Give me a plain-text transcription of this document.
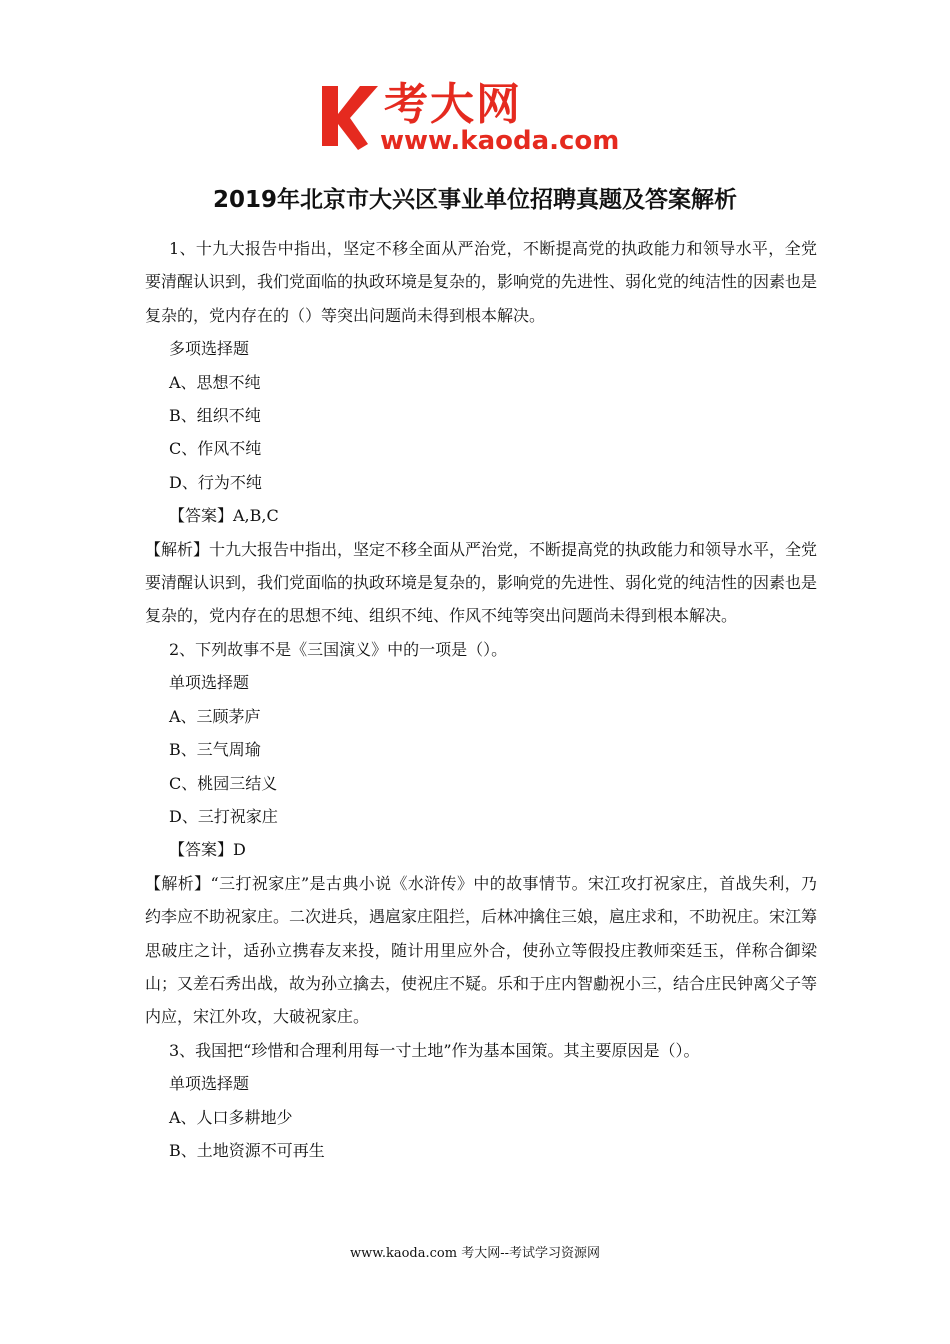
考大网
www.kaoda.com
2019年北京市大兴区事业单位招聘真题及答案解析

1、十九大报告中指出，坚定不移全面从严治党，不断提高党的执政能力和领导水平，全党要清醒认识到，我们党面临的执政环境是复杂的，影响党的先进性、弱化党的纯洁性的因素也是复杂的，党内存在的（）等突出问题尚未得到根本解决。

多项选择题

A、思想不纯

B、组织不纯

C、作风不纯

D、行为不纯

【答案】A,B,C

【解析】十九大报告中指出，坚定不移全面从严治党，不断提高党的执政能力和领导水平，全党要清醒认识到，我们党面临的执政环境是复杂的，影响党的先进性、弱化党的纯洁性的因素也是复杂的，党内存在的思想不纯、组织不纯、作风不纯等突出问题尚未得到根本解决。

2、下列故事不是《三国演义》中的一项是（）。

单项选择题

A、三顾茅庐

B、三气周瑜

C、桃园三结义

D、三打祝家庄

【答案】D

【解析】“三打祝家庄”是古典小说《水浒传》中的故事情节。宋江攻打祝家庄，首战失利，乃约李应不助祝家庄。二次进兵，遇扈家庄阻拦，后林冲擒住三娘，扈庄求和，不助祝庄。宋江筹思破庄之计，适孙立携春友来投，随计用里应外合，使孙立等假投庄教师栾廷玉，佯称合御梁山；又差石秀出战，故为孙立擒去，使祝庄不疑。乐和于庄内智勴祝小三，结合庄民钟离父子等内应，宋江外攻，大破祝家庄。

3、我国把“珍惜和合理利用每一寸土地”作为基本国策。其主要原因是（）。

单项选择题

A、人口多耕地少

B、土地资源不可再生

www.kaoda.com 考大网--考试学习资源网
